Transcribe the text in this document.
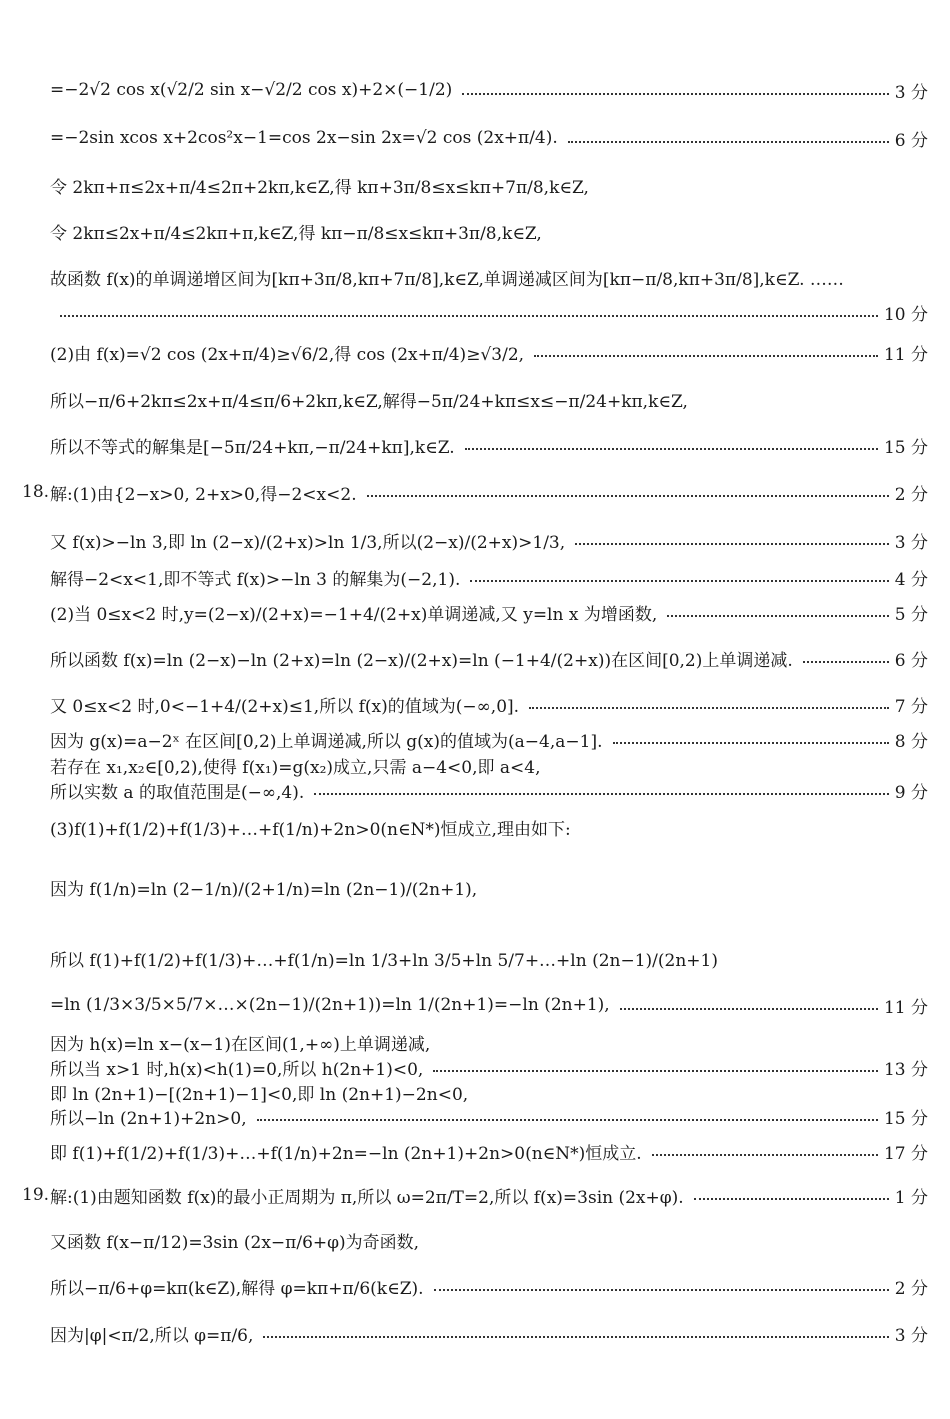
=−2√2 cos x(√2/2 sin x−√2/2 cos x)+2×(−1/2)	3 分
=−2sin xcos x+2cos²x−1=cos 2x−sin 2x=√2 cos (2x+π/4).	6 分
令 2kπ+π≤2x+π/4≤2π+2kπ,k∈Z,得 kπ+3π/8≤x≤kπ+7π/8,k∈Z,
令 2kπ≤2x+π/4≤2kπ+π,k∈Z,得 kπ−π/8≤x≤kπ+3π/8,k∈Z,
故函数 f(x)的单调递增区间为[kπ+3π/8,kπ+7π/8],k∈Z,单调递减区间为[kπ−π/8,kπ+3π/8],k∈Z. ……
10 分
(2)由 f(x)=√2 cos (2x+π/4)≥√6/2,得 cos (2x+π/4)≥√3/2,	11 分
所以−π/6+2kπ≤2x+π/4≤π/6+2kπ,k∈Z,解得−5π/24+kπ≤x≤−π/24+kπ,k∈Z,
所以不等式的解集是[−5π/24+kπ,−π/24+kπ],k∈Z.	15 分
18. 解:(1)由{2−x>0, 2+x>0,得−2<x<2.	2 分
又 f(x)>−ln 3,即 ln (2−x)/(2+x)>ln 1/3,所以(2−x)/(2+x)>1/3,	3 分
解得−2<x<1,即不等式 f(x)>−ln 3 的解集为(−2,1).	4 分
(2)当 0≤x<2 时,y=(2−x)/(2+x)=−1+4/(2+x)单调递减,又 y=ln x 为增函数,	5 分
所以函数 f(x)=ln (2−x)−ln (2+x)=ln (2−x)/(2+x)=ln (−1+4/(2+x))在区间[0,2)上单调递减.	6 分
又 0≤x<2 时,0<−1+4/(2+x)≤1,所以 f(x)的值域为(−∞,0].	7 分
因为 g(x)=a−2ˣ 在区间[0,2)上单调递减,所以 g(x)的值域为(a−4,a−1].	8 分
若存在 x₁,x₂∈[0,2),使得 f(x₁)=g(x₂)成立,只需 a−4<0,即 a<4,
所以实数 a 的取值范围是(−∞,4).	9 分
(3)f(1)+f(1/2)+f(1/3)+…+f(1/n)+2n>0(n∈N*)恒成立,理由如下:
因为 f(1/n)=ln (2−1/n)/(2+1/n)=ln (2n−1)/(2n+1),
所以 f(1)+f(1/2)+f(1/3)+…+f(1/n)=ln 1/3+ln 3/5+ln 5/7+…+ln (2n−1)/(2n+1)
=ln (1/3×3/5×5/7×…×(2n−1)/(2n+1))=ln 1/(2n+1)=−ln (2n+1),	11 分
因为 h(x)=ln x−(x−1)在区间(1,+∞)上单调递减,
所以当 x>1 时,h(x)<h(1)=0,所以 h(2n+1)<0,	13 分
即 ln (2n+1)−[(2n+1)−1]<0,即 ln (2n+1)−2n<0,
所以−ln (2n+1)+2n>0,	15 分
即 f(1)+f(1/2)+f(1/3)+…+f(1/n)+2n=−ln (2n+1)+2n>0(n∈N*)恒成立.	17 分
19. 解:(1)由题知函数 f(x)的最小正周期为 π,所以 ω=2π/T=2,所以 f(x)=3sin (2x+φ).	1 分
又函数 f(x−π/12)=3sin (2x−π/6+φ)为奇函数,
所以−π/6+φ=kπ(k∈Z),解得 φ=kπ+π/6(k∈Z).	2 分
因为|φ|<π/2,所以 φ=π/6,	3 分
